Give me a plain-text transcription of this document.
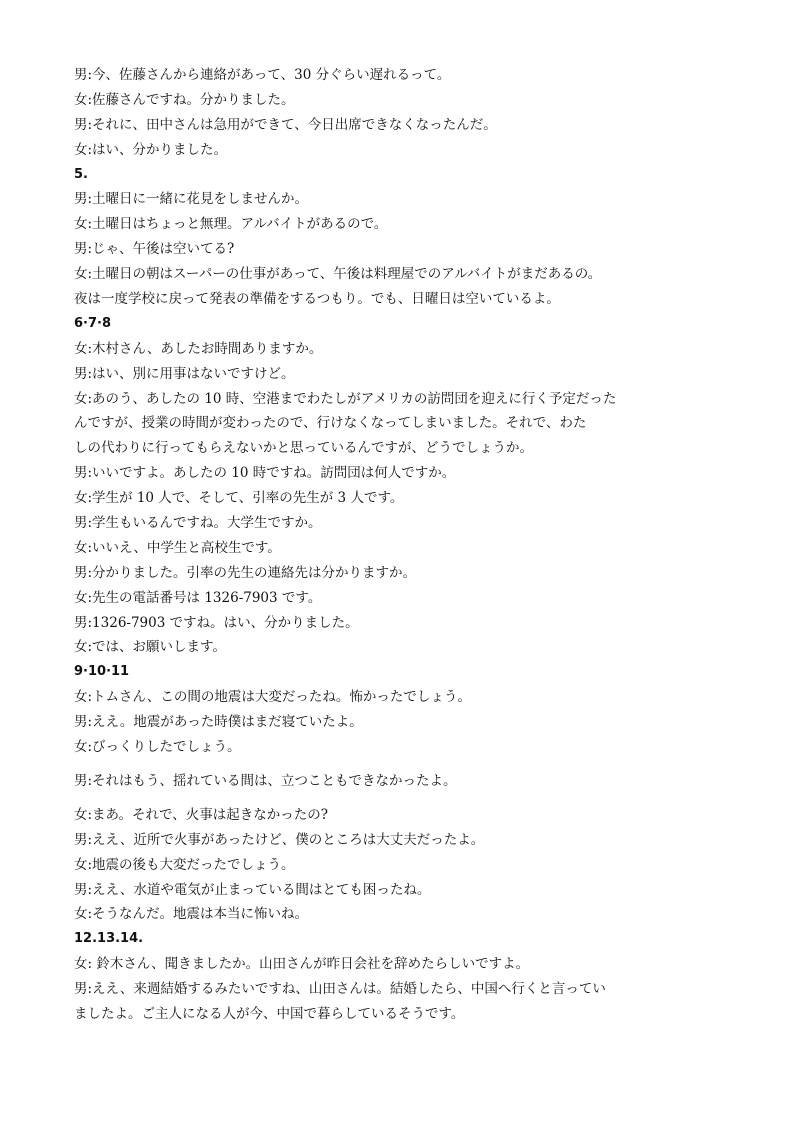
男:今、佐藤さんから連絡があって、30 分ぐらい遅れるって。
女:佐藤さんですね。分かりました。
男:それに、田中さんは急用ができて、今日出席できなくなったんだ。
女:はい、分かりました。
5.
男:土曜日に一緒に花見をしませんか。
女:土曜日はちょっと無理。アルバイトがあるので。
男:じゃ、午後は空いてる?
女:土曜日の朝はスーパーの仕事があって、午後は料理屋でのアルバイトがまだあるの。
夜は一度学校に戻って発表の準備をするつもり。でも、日曜日は空いているよ。
6·7·8
女:木村さん、あしたお時間ありますか。
男:はい、別に用事はないですけど。
女:あのう、あしたの 10 時、空港までわたしがアメリカの訪問団を迎えに行く予定だった
んですが、授業の時間が変わったので、行けなくなってしまいました。それで、わた
しの代わりに行ってもらえないかと思っているんですが、どうでしょうか。
男:いいですよ。あしたの 10 時ですね。訪問団は何人ですか。
女:学生が 10 人で、そして、引率の先生が 3 人です。
男:学生もいるんですね。大学生ですか。
女:いいえ、中学生と高校生です。
男:分かりました。引率の先生の連絡先は分かりますか。
女:先生の電話番号は 1326-7903 です。
男:1326-7903 ですね。はい、分かりました。
女:では、お願いします。
9·10·11
女:トムさん、この間の地震は大変だったね。怖かったでしょう。
男:ええ。地震があった時僕はまだ寝ていたよ。
女:びっくりしたでしょう。
男:それはもう、揺れている間は、立つこともできなかったよ。
女:まあ。それで、火事は起きなかったの?
男:ええ、近所で火事があったけど、僕のところは大丈夫だったよ。
女:地震の後も大変だったでしょう。
男:ええ、水道や電気が止まっている間はとても困ったね。
女:そうなんだ。地震は本当に怖いね。
12.13.14.
女: 鈴木さん、聞きましたか。山田さんが昨日会社を辞めたらしいですよ。
男:ええ、来週結婚するみたいですね、山田さんは。結婚したら、中国へ行くと言ってい
ましたよ。ご主人になる人が今、中国で暮らしているそうです。
